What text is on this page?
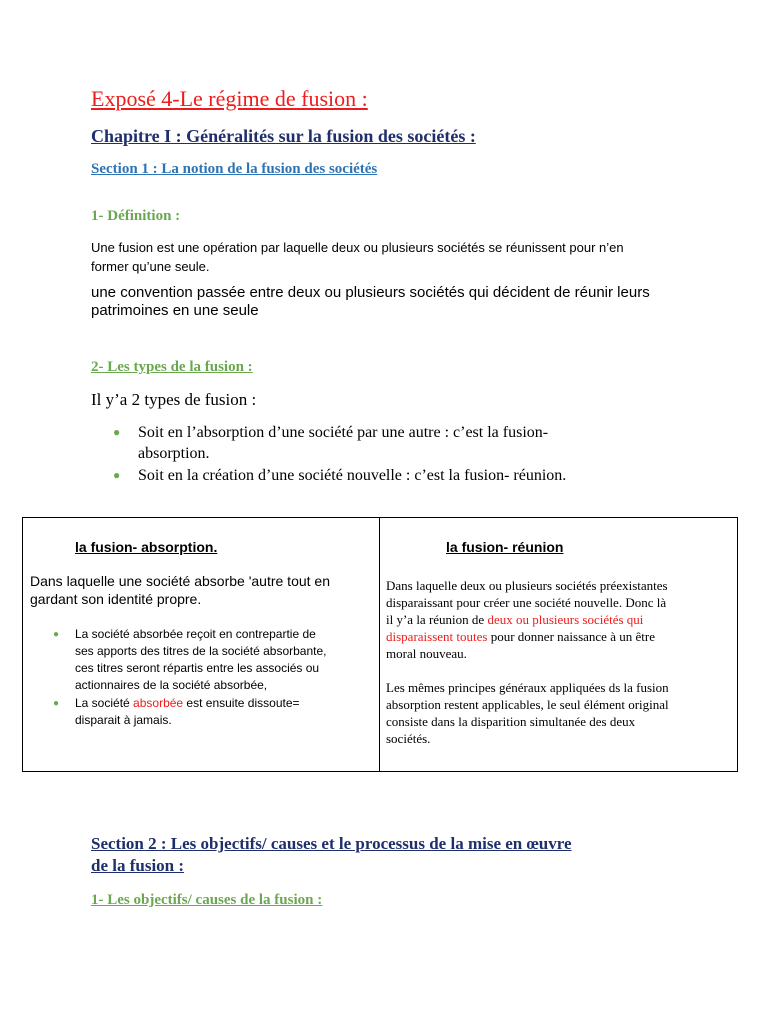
Exposé 4-Le régime de fusion :
Chapitre I : Généralités sur la fusion des sociétés :
Section 1 : La notion de la fusion des sociétés
1- Définition :
Une fusion est une opération par laquelle deux ou plusieurs sociétés se réunissent pour n’en
former qu’une seule.
une convention passée entre deux ou plusieurs sociétés qui décident de réunir leurs
patrimoines en une seule
2- Les types de la fusion :
Il y’a 2 types de fusion :
● Soit en l’absorption d’une société par une autre : c’est la fusion-
absorption.
● Soit en la création d’une société nouvelle : c’est la fusion- réunion.
la fusion- absorption.
Dans laquelle une société absorbe 'autre tout en
gardant son identité propre.
● La société absorbée reçoit en contrepartie de
ses apports des titres de la société absorbante,
ces titres seront répartis entre les associés ou
actionnaires de la société absorbée,
● La société absorbée est ensuite dissoute=
disparait à jamais.
la fusion- réunion
Dans laquelle deux ou plusieurs sociétés préexistantes
disparaissant pour créer une société nouvelle. Donc là
il y’a la réunion de deux ou plusieurs sociétés qui
disparaissent toutes pour donner naissance à un être
moral nouveau.
Les mêmes principes généraux appliquées ds la fusion
absorption restent applicables, le seul élément original
consiste dans la disparition simultanée des deux
sociétés.
Section 2 : Les objectifs/ causes et le processus de la mise en œuvre
de la fusion :
1- Les objectifs/ causes de la fusion :
